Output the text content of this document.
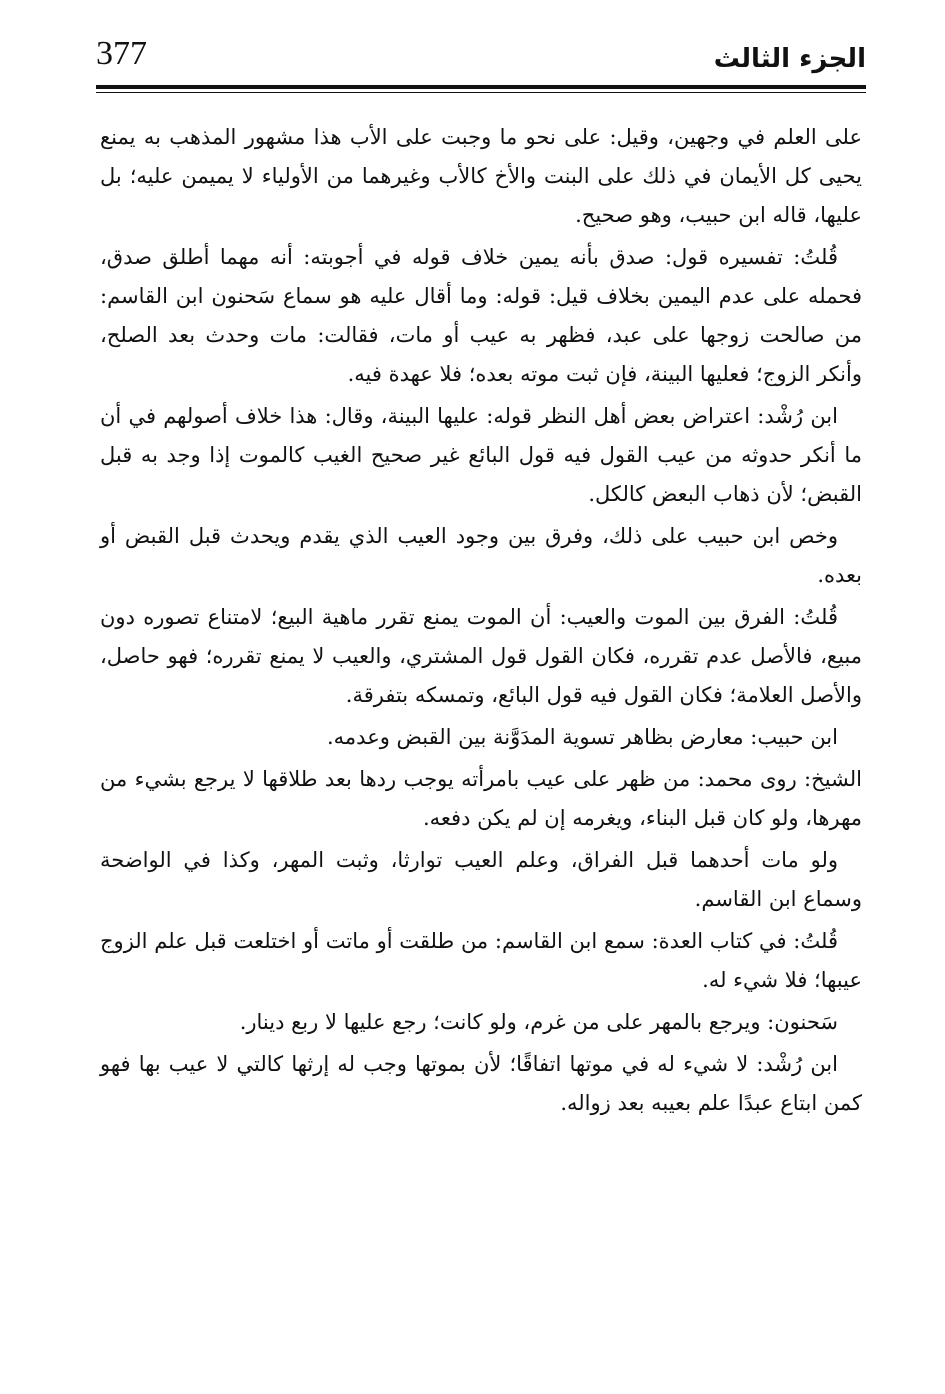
377	الجزء الثالث

على العلم في وجهين، وقيل: على نحو ما وجبت على الأب هذا مشهور المذهب به يمنع يحيى كل الأيمان في ذلك على البنت والأخ كالأب وغيرهما من الأولياء لا يميمن عليه؛ بل عليها، قاله ابن حبيب، وهو صحيح.

قُلتُ: تفسيره قول: صدق بأنه يمين خلاف قوله في أجوبته: أنه مهما أطلق صدق، فحمله على عدم اليمين بخلاف قيل: قوله: وما أقال عليه هو سماع سَحنون ابن القاسم: من صالحت زوجها على عبد، فظهر به عيب أو مات، فقالت: مات وحدث بعد الصلح، وأنكر الزوج؛ فعليها البينة، فإن ثبت موته بعده؛ فلا عهدة فيه.

ابن رُشْد: اعتراض بعض أهل النظر قوله: عليها البينة، وقال: هذا خلاف أصولهم في أن ما أنكر حدوثه من عيب القول فيه قول البائع غير صحيح الغيب كالموت إذا وجد به قبل القبض؛ لأن ذهاب البعض كالكل.

وخص ابن حبيب على ذلك، وفرق بين وجود العيب الذي يقدم ويحدث قبل القبض أو بعده.

قُلتُ: الفرق بين الموت والعيب: أن الموت يمنع تقرر ماهية البيع؛ لامتناع تصوره دون مبيع، فالأصل عدم تقرره، فكان القول قول المشتري، والعيب لا يمنع تقرره؛ فهو حاصل، والأصل العلامة؛ فكان القول فيه قول البائع، وتمسكه بتفرقة.

ابن حبيب: معارض بظاهر تسوية المدَوَّنة بين القبض وعدمه.

الشيخ: روى محمد: من ظهر على عيب بامرأته يوجب ردها بعد طلاقها لا يرجع بشيء من مهرها، ولو كان قبل البناء، ويغرمه إن لم يكن دفعه.

ولو مات أحدهما قبل الفراق، وعلم العيب توارثا، وثبت المهر، وكذا في الواضحة وسماع ابن القاسم.

قُلتُ: في كتاب العدة: سمع ابن القاسم: من طلقت أو ماتت أو اختلعت قبل علم الزوج عيبها؛ فلا شيء له.

سَحنون: ويرجع بالمهر على من غرم، ولو كانت؛ رجع عليها لا ربع دينار.

ابن رُشْد: لا شيء له في موتها اتفاقًا؛ لأن بموتها وجب له إرثها كالتي لا عيب بها فهو كمن ابتاع عبدًا علم بعيبه بعد زواله.
